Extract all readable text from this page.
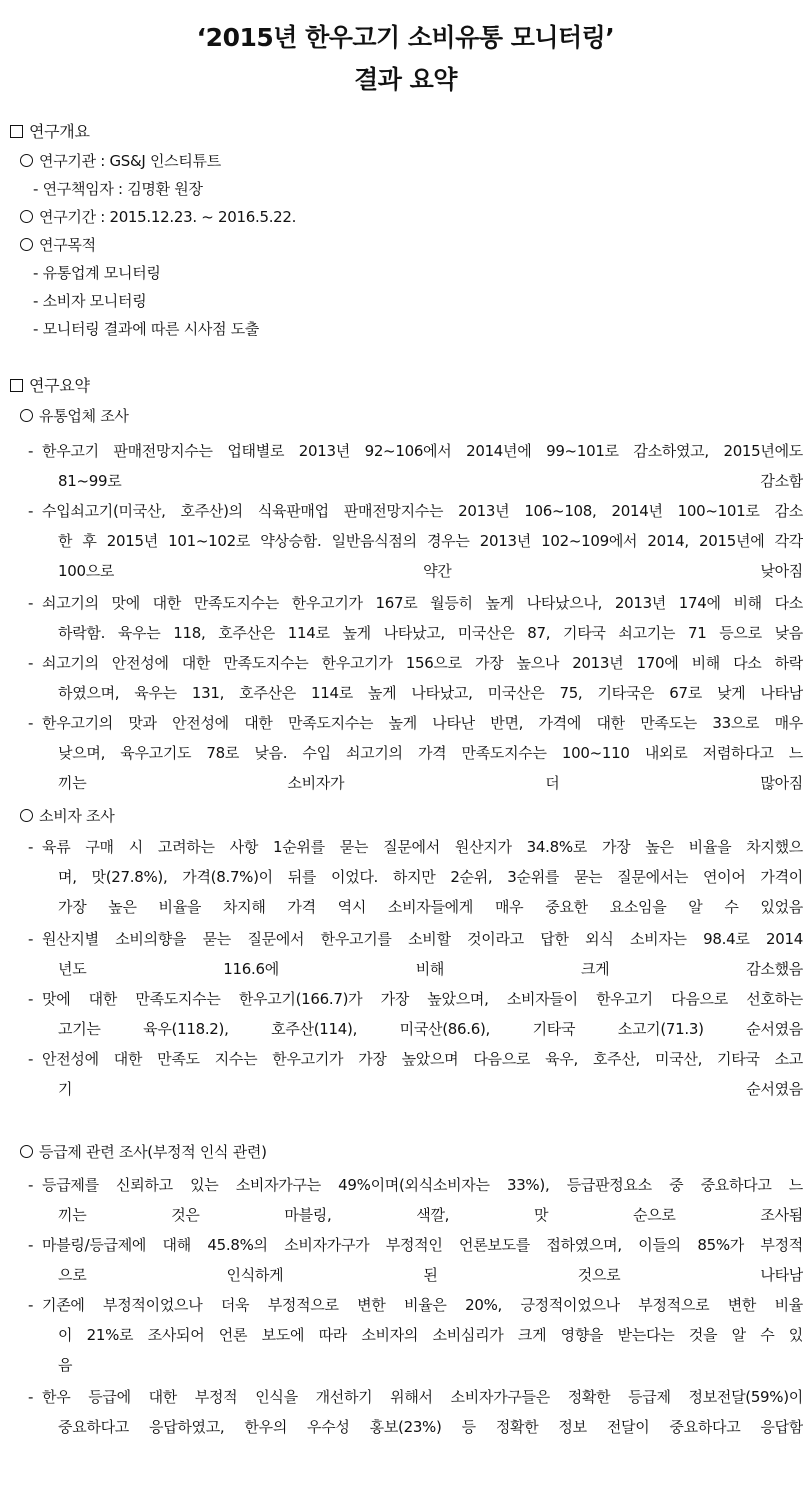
‘2015년 한우고기 소비유통 모니터링’
결과 요약
연구개요
연구기관 : GS&J 인스티튜트
- 연구책임자 : 김명환 원장
연구기간 : 2015.12.23. ~ 2016.5.22.
연구목적
- 유통업계 모니터링
- 소비자 모니터링
- 모니터링 결과에 따른 시사점 도출
연구요약
유통업체 조사
- 한우고기 판매전망지수는 업태별로 2013년 92~106에서 2014년에 99~101로 감소하였고, 2015년에도
81~99로 감소함
- 수입쇠고기(미국산, 호주산)의 식육판매업 판매전망지수는 2013년 106~108, 2014년 100~101로 감소
한 후 2015년 101~102로 약상승함. 일반음식점의 경우는 2013년 102~109에서 2014, 2015년에 각각
100으로 약간 낮아짐
- 쇠고기의 맛에 대한 만족도지수는 한우고기가 167로 월등히 높게 나타났으나, 2013년 174에 비해 다소
하락함. 육우는 118, 호주산은 114로 높게 나타났고, 미국산은 87, 기타국 쇠고기는 71 등으로 낮음
- 쇠고기의 안전성에 대한 만족도지수는 한우고기가 156으로 가장 높으나 2013년 170에 비해 다소 하락
하였으며, 육우는 131, 호주산은 114로 높게 나타났고, 미국산은 75, 기타국은 67로 낮게 나타남
- 한우고기의 맛과 안전성에 대한 만족도지수는 높게 나타난 반면, 가격에 대한 만족도는 33으로 매우
낮으며, 육우고기도 78로 낮음. 수입 쇠고기의 가격 만족도지수는 100~110 내외로 저렴하다고 느
끼는 소비자가 더 많아짐
소비자 조사
- 육류 구매 시 고려하는 사항 1순위를 묻는 질문에서 원산지가 34.8%로 가장 높은 비율을 차지했으
며, 맛(27.8%), 가격(8.7%)이 뒤를 이었다. 하지만 2순위, 3순위를 묻는 질문에서는 연이어 가격이
가장 높은 비율을 차지해 가격 역시 소비자들에게 매우 중요한 요소임을 알 수 있었음
- 원산지별 소비의향을 묻는 질문에서 한우고기를 소비할 것이라고 답한 외식 소비자는 98.4로 2014
년도 116.6에 비해 크게 감소했음
- 맛에 대한 만족도지수는 한우고기(166.7)가 가장 높았으며, 소비자들이 한우고기 다음으로 선호하는
고기는 육우(118.2), 호주산(114), 미국산(86.6), 기타국 소고기(71.3) 순서였음
- 안전성에 대한 만족도 지수는 한우고기가 가장 높았으며 다음으로 육우, 호주산, 미국산, 기타국 소고
기 순서였음
등급제 관련 조사(부정적 인식 관련)
- 등급제를 신뢰하고 있는 소비자가구는 49%이며(외식소비자는 33%), 등급판정요소 중 중요하다고 느
끼는 것은 마블링, 색깔, 맛 순으로 조사됨
- 마블링/등급제에 대해 45.8%의 소비자가구가 부정적인 언론보도를 접하였으며, 이들의 85%가 부정적
으로 인식하게 된 것으로 나타남
- 기존에 부정적이었으나 더욱 부정적으로 변한 비율은 20%, 긍정적이었으나 부정적으로 변한 비율
이 21%로 조사되어 언론 보도에 따라 소비자의 소비심리가 크게 영향을 받는다는 것을 알 수 있
음
- 한우 등급에 대한 부정적 인식을 개선하기 위해서 소비자가구들은 정확한 등급제 정보전달(59%)이
중요하다고 응답하였고, 한우의 우수성 홍보(23%) 등 정확한 정보 전달이 중요하다고 응답함
